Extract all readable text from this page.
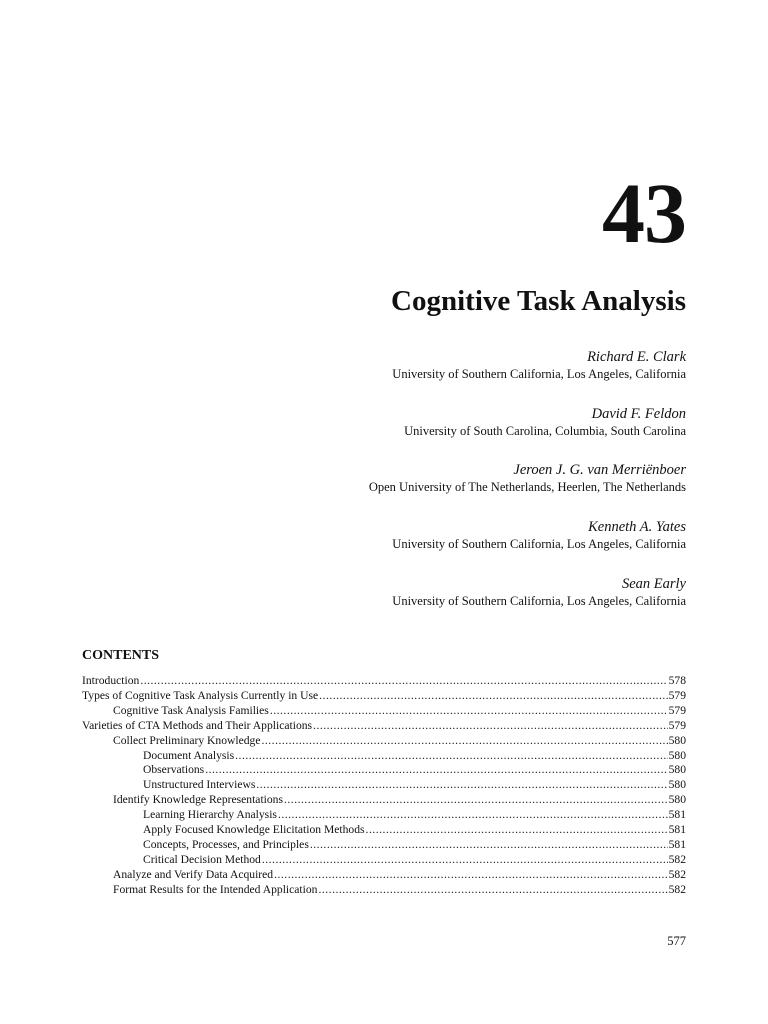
43
Cognitive Task Analysis
Richard E. Clark
University of Southern California, Los Angeles, California
David F. Feldon
University of South Carolina, Columbia, South Carolina
Jeroen J. G. van Merriënboer
Open University of The Netherlands, Heerlen, The Netherlands
Kenneth A. Yates
University of Southern California, Los Angeles, California
Sean Early
University of Southern California, Los Angeles, California
CONTENTS
Introduction .....	578
Types of Cognitive Task Analysis Currently in Use .....	579
Cognitive Task Analysis Families .....	579
Varieties of CTA Methods and Their Applications .....	579
Collect Preliminary Knowledge .....	580
Document Analysis .....	580
Observations .....	580
Unstructured Interviews .....	580
Identify Knowledge Representations .....	580
Learning Hierarchy Analysis .....	581
Apply Focused Knowledge Elicitation Methods .....	581
Concepts, Processes, and Principles .....	581
Critical Decision Method .....	582
Analyze and Verify Data Acquired .....	582
Format Results for the Intended Application .....	582
577
